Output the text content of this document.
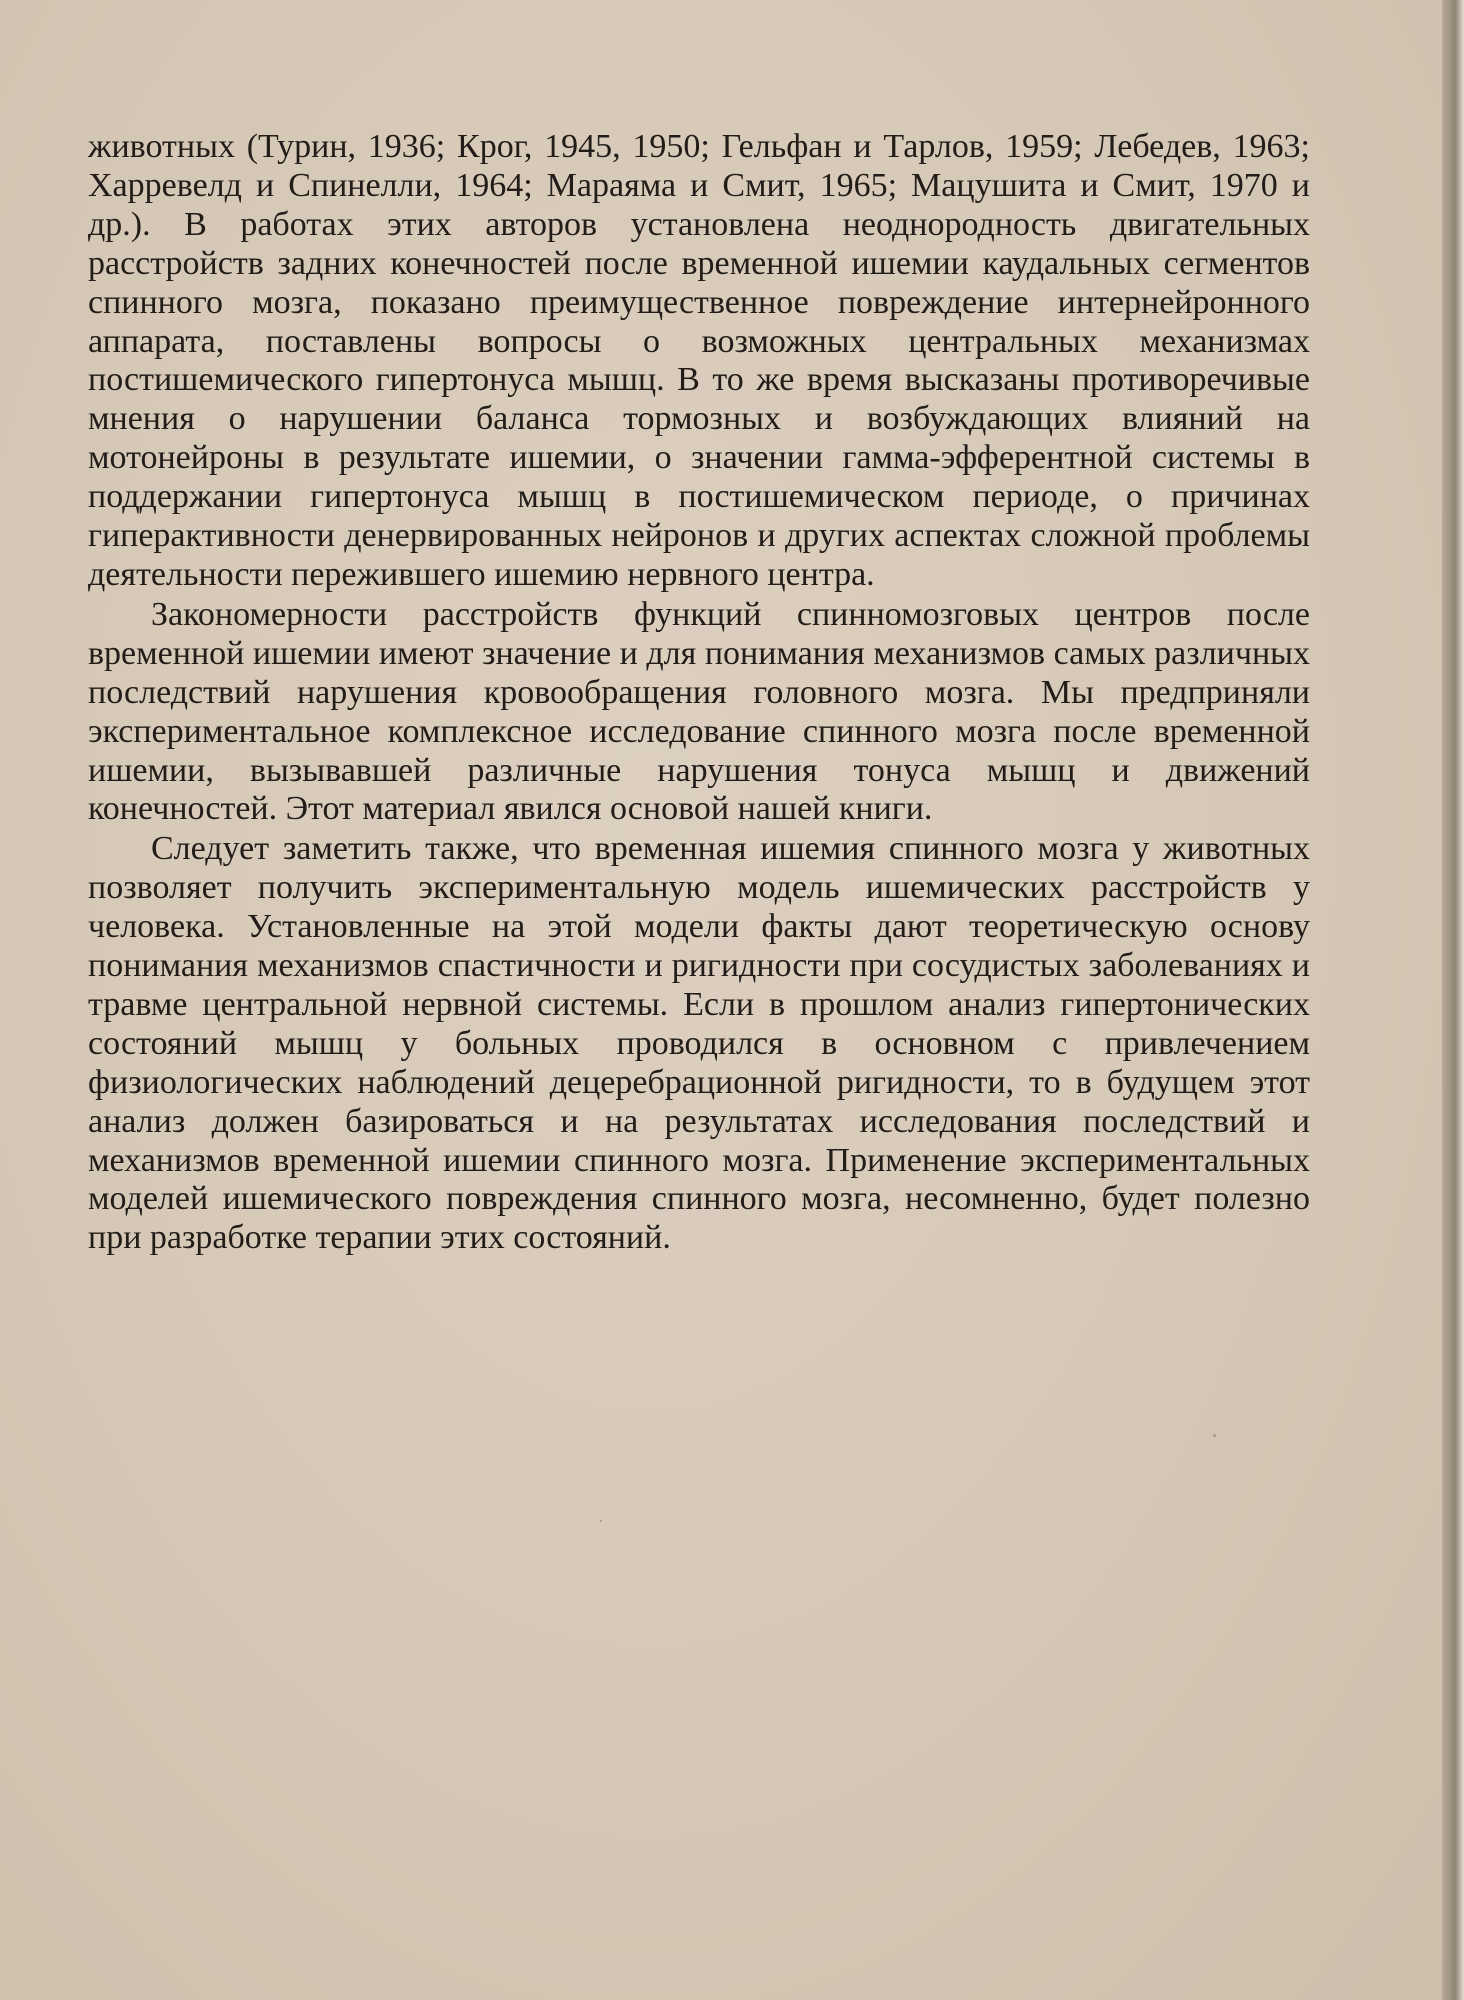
животных (Турин, 1936; Крог, 1945, 1950; Гельфан и Тарлов, 1959; Лебедев, 1963; Харревелд и Спинелли, 1964; Мараяма и Смит, 1965; Мацушита и Смит, 1970 и др.). В работах этих авторов установлена неоднородность двигательных расстройств задних конечностей после временной ишемии каудальных сегментов спинного мозга, показано преимущественное повреждение интернейронного аппарата, поставлены вопросы о возможных центральных механизмах постишемического гипертонуса мышц. В то же время высказаны противоречивые мнения о нарушении баланса тормозных и возбуждающих влияний на мотонейроны в результате ишемии, о значении гамма-эфферентной системы в поддержании гипертонуса мышц в постишемическом периоде, о причинах гиперактивности денервированных нейронов и других аспектах сложной проблемы деятельности пережившего ишемию нервного центра.

Закономерности расстройств функций спинномозговых центров после временной ишемии имеют значение и для понимания механизмов самых различных последствий нарушения кровообращения головного мозга. Мы предприняли экспериментальное комплексное исследование спинного мозга после временной ишемии, вызывавшей различные нарушения тонуса мышц и движений конечностей. Этот материал явился основой нашей книги.

Следует заметить также, что временная ишемия спинного мозга у животных позволяет получить экспериментальную модель ишемических расстройств у человека. Установленные на этой модели факты дают теоретическую основу понимания механизмов спастичности и ригидности при сосудистых заболеваниях и травме центральной нервной системы. Если в прошлом анализ гипертонических состояний мышц у больных проводился в основном с привлечением физиологических наблюдений децеребрационной ригидности, то в будущем этот анализ должен базироваться и на результатах исследования последствий и механизмов временной ишемии спинного мозга. Применение экспериментальных моделей ишемического повреждения спинного мозга, несомненно, будет полезно при разработке терапии этих состояний.
